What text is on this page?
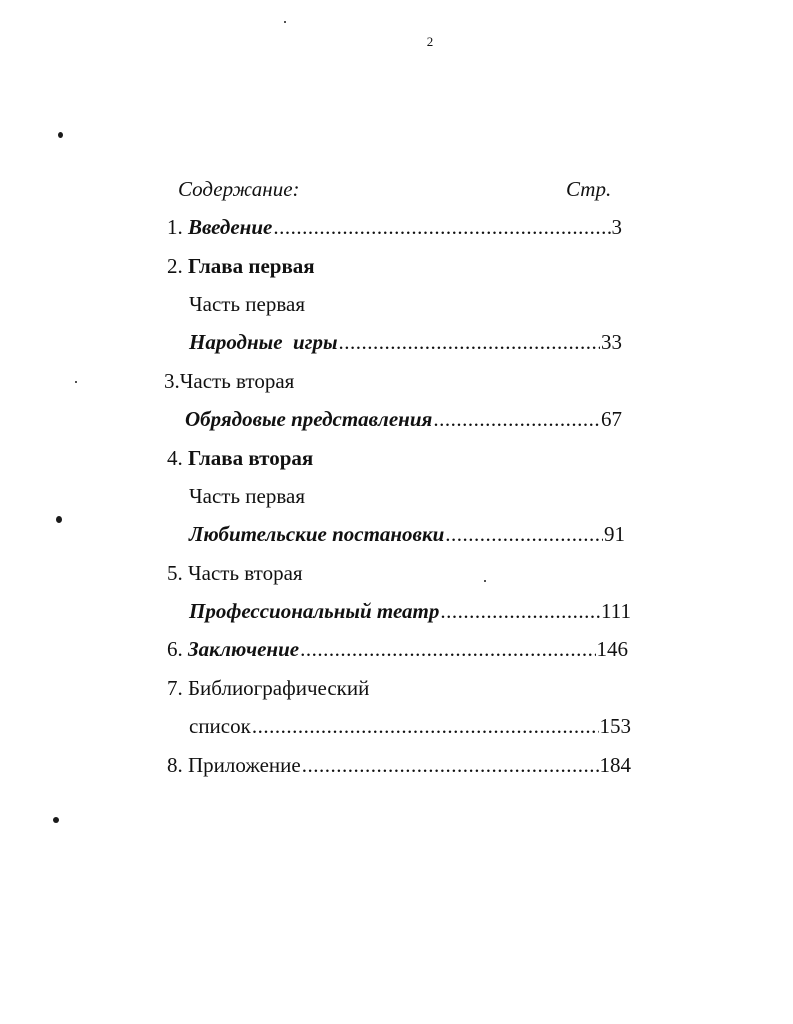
2
Содержание:	Стр.
1.
Введение .....	3
2. Глава первая
Часть первая
Народные  игры .....	33
3.Часть вторая
Обрядовые представления .....	67
4. Глава вторая
Часть первая
Любительские постановки .....	91
5. Часть вторая
Профессиональный театр .....	111
6.
Заключение .....	146
7. Библиографический
список .....	153
8.
Приложение .....	184
